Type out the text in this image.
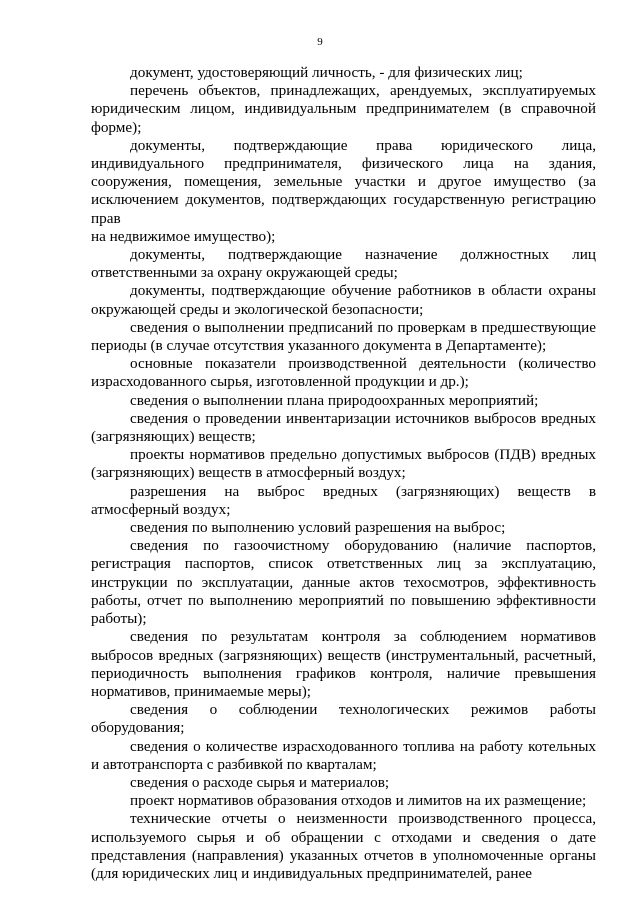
9

документ, удостоверяющий личность, - для физических лиц;

перечень объектов, принадлежащих, арендуемых, эксплуатируемых юридическим лицом, индивидуальным предпринимателем (в справочной форме);

документы, подтверждающие права юридического лица, индивидуального предпринимателя, физического лица на здания, сооружения, помещения, земельные участки и другое имущество (за исключением документов, подтверждающих государственную регистрацию прав

на недвижимое имущество);

документы, подтверждающие назначение должностных лиц ответственными за охрану окружающей среды;

документы, подтверждающие обучение работников в области охраны окружающей среды и экологической безопасности;

сведения о выполнении предписаний по проверкам в предшествующие периоды (в случае отсутствия указанного документа в Департаменте);

основные показатели производственной деятельности (количество израсходованного сырья, изготовленной продукции и др.);

сведения о выполнении плана природоохранных мероприятий;

сведения о проведении инвентаризации источников выбросов вредных (загрязняющих) веществ;

проекты нормативов предельно допустимых выбросов (ПДВ) вредных (загрязняющих) веществ в атмосферный воздух;

разрешения на выброс вредных (загрязняющих) веществ в атмосферный воздух;

сведения по выполнению условий разрешения на выброс;

сведения по газоочистному оборудованию (наличие паспортов, регистрация паспортов, список ответственных лиц за эксплуатацию, инструкции по эксплуатации, данные актов техосмотров, эффективность работы, отчет по выполнению мероприятий по повышению эффективности работы);

сведения по результатам контроля за соблюдением нормативов выбросов вредных (загрязняющих) веществ (инструментальный, расчетный, периодичность выполнения графиков контроля, наличие превышения нормативов, принимаемые меры);

сведения о соблюдении технологических режимов работы оборудования;

сведения о количестве израсходованного топлива на работу котельных и автотранспорта с разбивкой по кварталам;

сведения о расходе сырья и материалов;

проект нормативов образования отходов и лимитов на их размещение;

технические отчеты о неизменности производственного процесса, используемого сырья и об обращении с отходами и сведения о дате представления (направления) указанных отчетов в уполномоченные органы (для юридических лиц и индивидуальных предпринимателей, ранее
